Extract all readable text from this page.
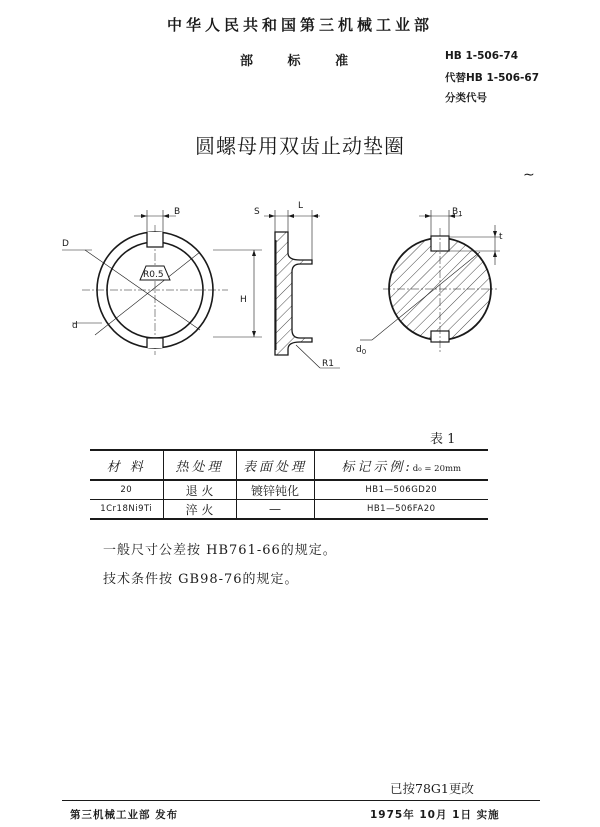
中华人民共和国第三机械工业部
部	标	准	HB 1-506-74
代替HB 1-506-67
分类代号
圆螺母用双齿止动垫圈
∼
B
D
R0.5
H
d
S
L
R1
$B_1$
t
$d_0$
表 1
材 料	热处理	表面处理	标记示例:d₀ = 20mm
20	退 火	镀锌钝化	HB1—506GD20
1Cr18Ni9Ti	淬 火	—	HB1—506FA20
一般尺寸公差按 HB761-66的规定。
技术条件按 GB98-76的规定。
已按78G1更改
第三机械工业部 发布	1975年 10月 1日 实施
